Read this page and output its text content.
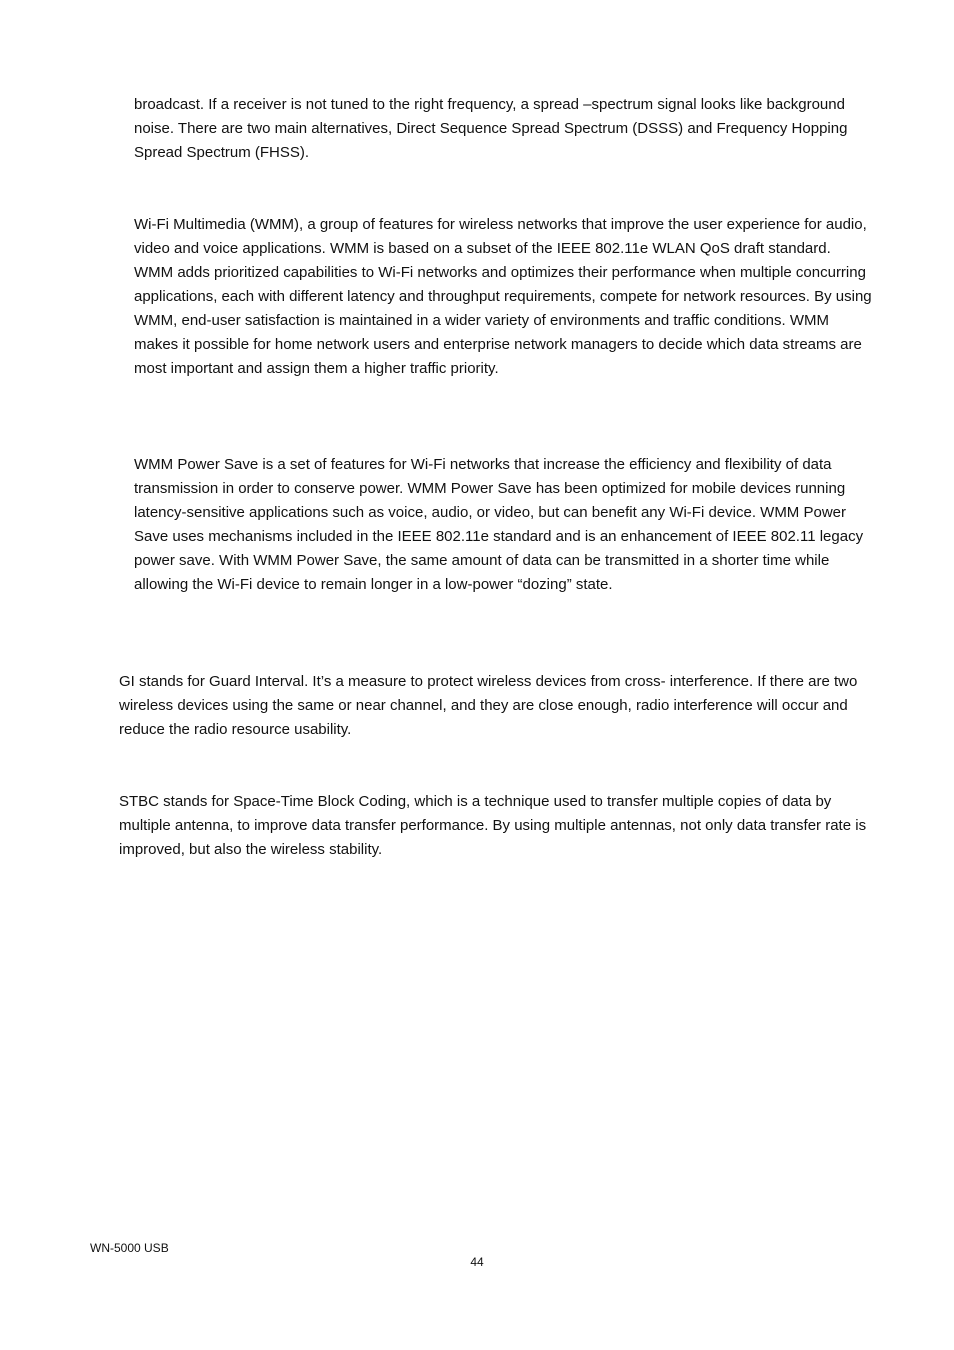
broadcast. If a receiver is not tuned to the right frequency, a spread –spectrum signal looks like background noise. There are two main alternatives, Direct Sequence Spread Spectrum (DSSS) and Frequency Hopping Spread Spectrum (FHSS).

Wi-Fi Multimedia (WMM), a group of features for wireless networks that improve the user experience for audio, video and voice applications. WMM is based on a subset of the IEEE 802.11e WLAN QoS draft standard. WMM adds prioritized capabilities to Wi-Fi networks and optimizes their performance when multiple concurring applications, each with different latency and throughput requirements, compete for network resources. By using WMM, end-user satisfaction is maintained in a wider variety of environments and traffic conditions. WMM makes it possible for home network users and enterprise network managers to decide which data streams are most important and assign them a higher traffic priority.

WMM Power Save is a set of features for Wi-Fi networks that increase the efficiency and flexibility of data transmission in order to conserve power. WMM Power Save has been optimized for mobile devices running latency-sensitive applications such as voice, audio, or video, but can benefit any Wi-Fi device. WMM Power Save uses mechanisms included in the IEEE 802.11e standard and is an enhancement of IEEE 802.11 legacy power save. With WMM Power Save, the same amount of data can be transmitted in a shorter time while allowing the Wi-Fi device to remain longer in a low-power “dozing” state.

GI stands for Guard Interval. It’s a measure to protect wireless devices from cross- interference. If there are two wireless devices using the same or near channel, and they are close enough, radio interference will occur and reduce the radio resource usability.

STBC stands for Space-Time Block Coding, which is a technique used to transfer multiple copies of data by multiple antenna, to improve data transfer performance. By using multiple antennas, not only data transfer rate is improved, but also the wireless stability.

WN-5000 USB
44
